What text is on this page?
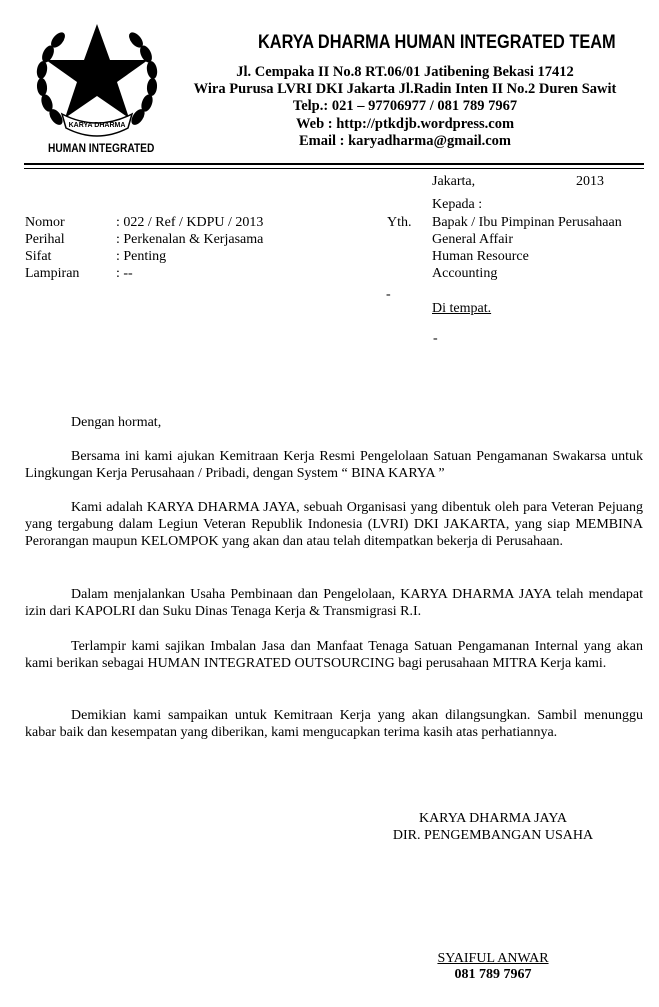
KARYA DHARMA
HUMAN INTEGRATED
KARYA DHARMA HUMAN INTEGRATED TEAM
Jl. Cempaka II No.8 RT.06/01 Jatibening Bekasi 17412
Wira Purusa LVRI DKI Jakarta Jl.Radin Inten II No.2 Duren Sawit
Telp.: 021 – 97706977 / 081 789 7967
Web : http://ptkdjb.wordpress.com
Email : karyadharma@gmail.com
Jakarta,	2013
Kepada :
Yth. Bapak / Ibu Pimpinan Perusahaan
General Affair
Human Resource
Accounting
-
Di tempat.
-
Nomor	: 022 / Ref / KDPU / 2013
Perihal	: Perkenalan & Kerjasama
Sifat	: Penting
Lampiran	: --
Dengan hormat,
Bersama ini kami ajukan Kemitraan Kerja Resmi Pengelolaan Satuan Pengamanan Swakarsa untuk Lingkungan Kerja Perusahaan / Pribadi, dengan System “ BINA KARYA ”
Kami adalah KARYA DHARMA JAYA, sebuah Organisasi yang dibentuk oleh para Veteran Pejuang yang tergabung dalam Legiun Veteran Republik Indonesia (LVRI) DKI JAKARTA, yang siap MEMBINA Perorangan maupun KELOMPOK yang akan dan atau telah ditempatkan bekerja di Perusahaan.
Dalam menjalankan Usaha Pembinaan dan Pengelolaan, KARYA DHARMA JAYA telah mendapat izin dari KAPOLRI dan Suku Dinas Tenaga Kerja & Transmigrasi R.I.
Terlampir kami sajikan Imbalan Jasa dan Manfaat Tenaga Satuan Pengamanan Internal yang akan kami berikan sebagai HUMAN INTEGRATED OUTSOURCING bagi perusahaan MITRA Kerja kami.
Demikian kami sampaikan untuk Kemitraan Kerja yang akan dilangsungkan. Sambil menunggu kabar baik dan kesempatan yang diberikan, kami mengucapkan terima kasih atas perhatiannya.
KARYA DHARMA JAYA
DIR. PENGEMBANGAN USAHA
SYAIFUL ANWAR
081 789 7967
